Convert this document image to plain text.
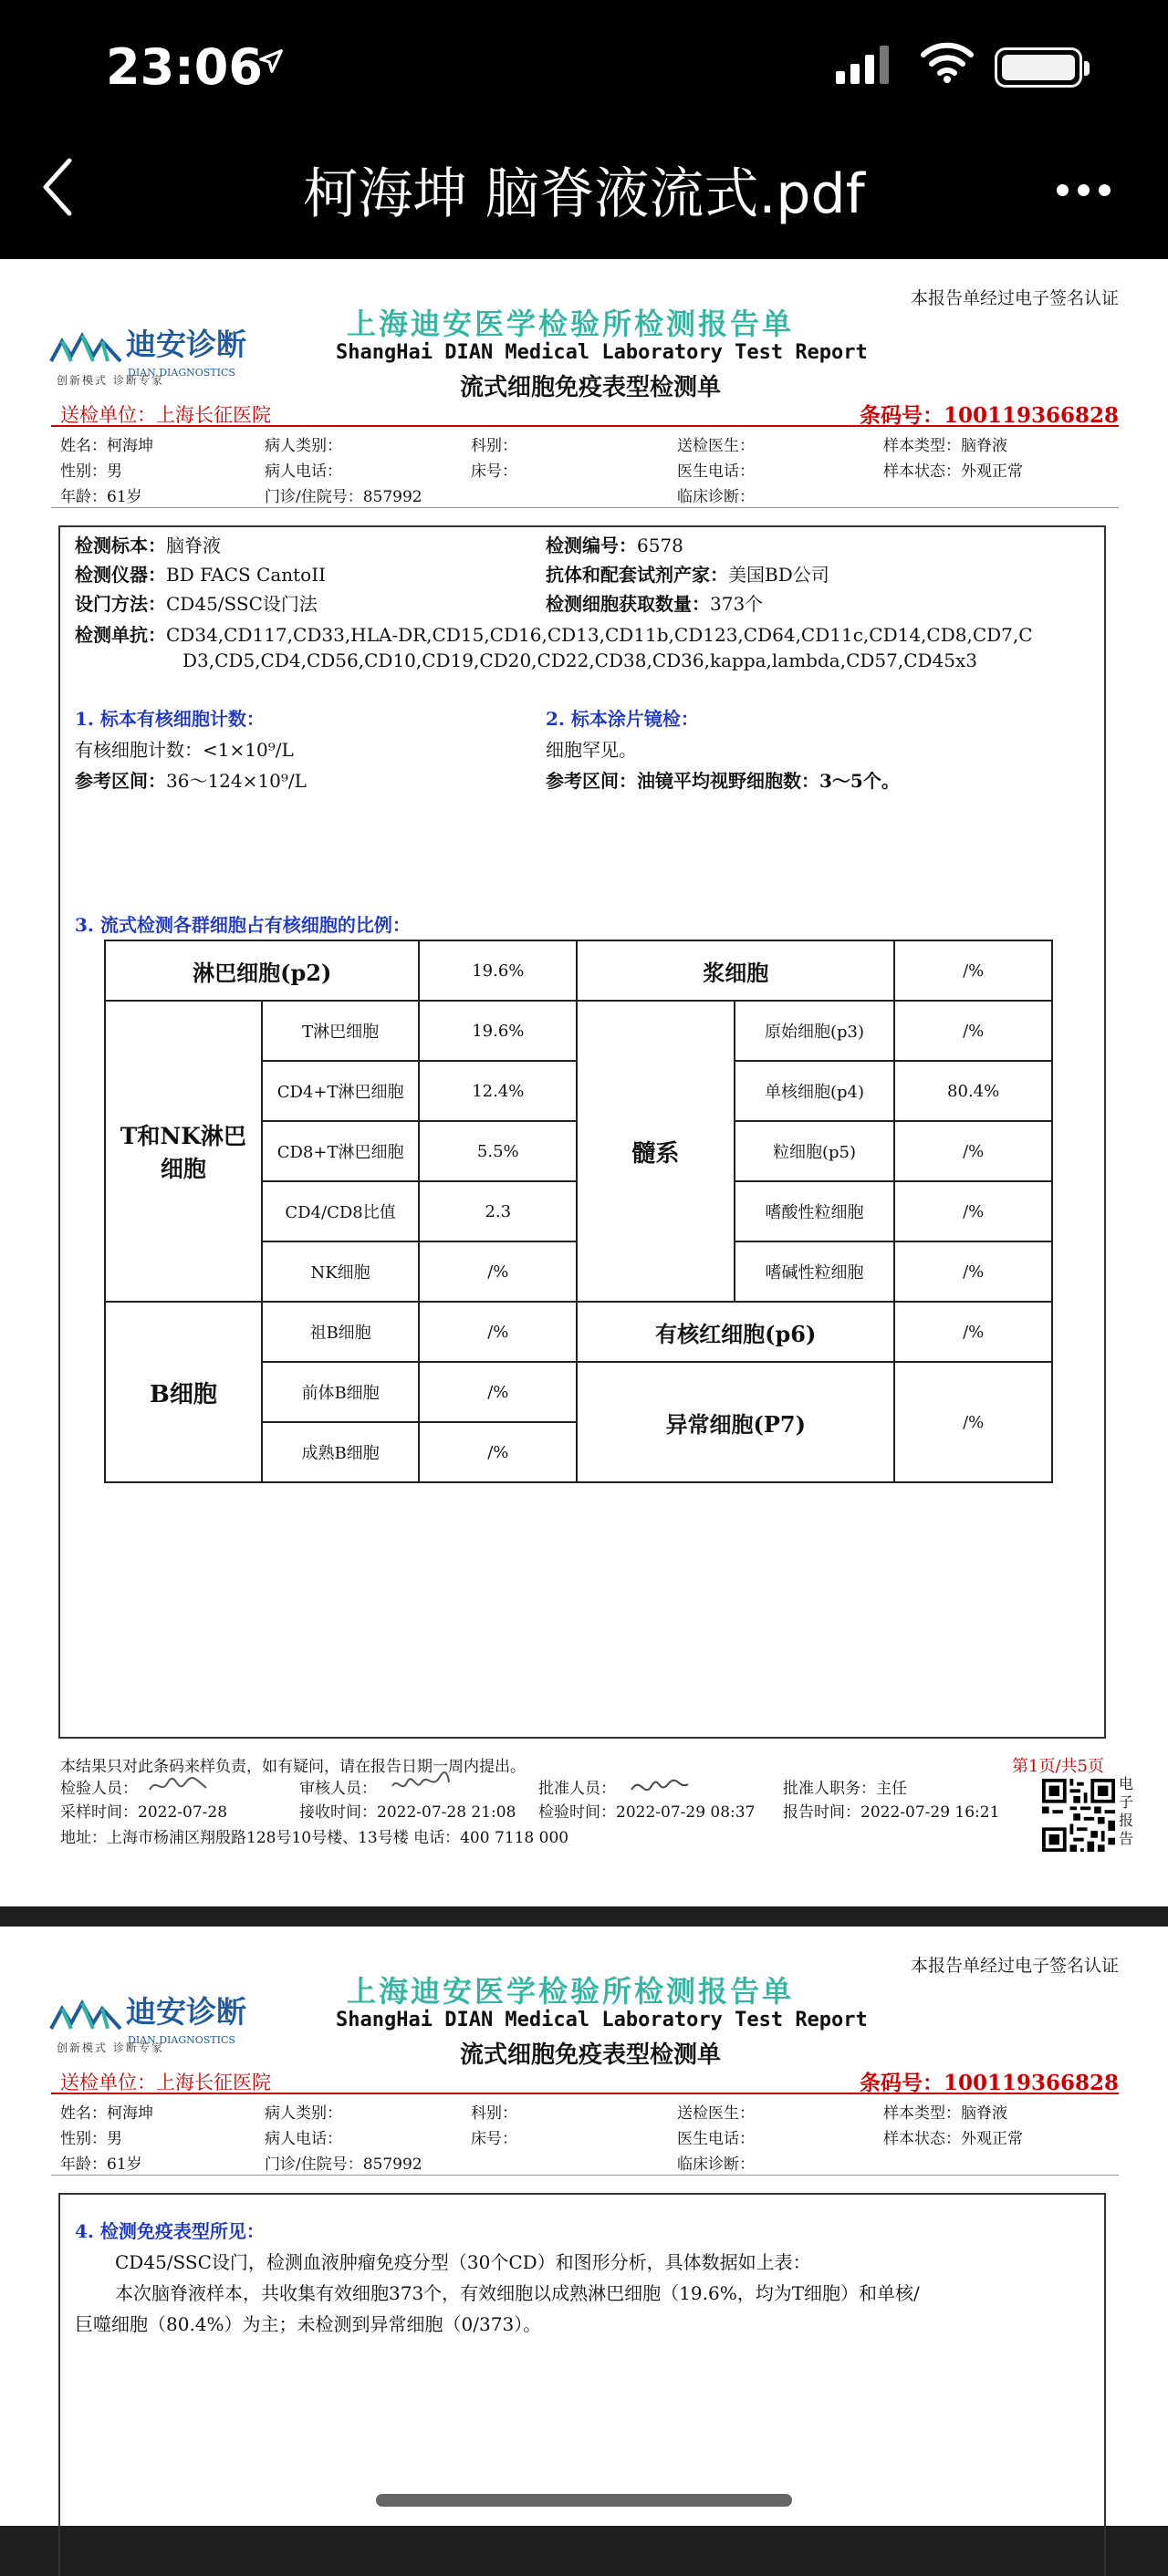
23:06
柯海坤 脑脊液流式.pdf
本报告单经过电子签名认证
迪安诊断
DIAN DIAGNOSTICS
创新模式 诊断专家
上海迪安医学检验所检测报告单
ShangHai DIAN Medical Laboratory Test Report
流式细胞免疫表型检测单
送检单位：上海长征医院	条码号：100119366828
姓名：柯海坤	病人类别：	科别：	送检医生：	样本类型：脑脊液
性别：男	病人电话：	床号：	医生电话：	样本状态：外观正常
年龄：61岁	门诊/住院号：857992	临床诊断：
检测标本：脑脊液	检测编号：6578
检测仪器：BD FACS CantoII	抗体和配套试剂产家：美国BD公司
设门方法：CD45/SSC设门法	检测细胞获取数量：373个
检测单抗：CD34,CD117,CD33,HLA-DR,CD15,CD16,CD13,CD11b,CD123,CD64,CD11c,CD14,CD8,CD7,C
D3,CD5,CD4,CD56,CD10,CD19,CD20,CD22,CD38,CD36,kappa,lambda,CD57,CD45x3
1. 标本有核细胞计数：
有核细胞计数：<1×10⁹/L
参考区间：36～124×10⁹/L
2. 标本涂片镜检：
细胞罕见。
参考区间：油镜平均视野细胞数：3～5个。
3. 流式检测各群细胞占有核细胞的比例：
淋巴细胞(p2)		19.6%	浆细胞		/%
T和NK淋巴细胞	T淋巴细胞	19.6%	髓系	原始细胞(p3)	/%
	CD4+T淋巴细胞	12.4%		单核细胞(p4)	80.4%
	CD8+T淋巴细胞	5.5%		粒细胞(p5)	/%
	CD4/CD8比值	2.3		嗜酸性粒细胞	/%
	NK细胞	/%		嗜碱性粒细胞	/%
B细胞	祖B细胞	/%	有核红细胞(p6)		/%
	前体B细胞	/%	异常细胞(P7)		/%
	成熟B细胞	/%			
本结果只对此条码来样负责，如有疑问，请在报告日期一周内提出。	第1页/共5页
检验人员：	审核人员：	批准人员：	批准人职务：主任
采样时间：2022-07-28	接收时间：2022-07-28 21:08 检验时间：2022-07-29 08:37 报告时间：2022-07-29 16:21
地址：上海市杨浦区翔殷路128号10号楼、13号楼 电话：400 7118 000
电子报告
本报告单经过电子签名认证
迪安诊断
DIAN DIAGNOSTICS
创新模式 诊断专家
上海迪安医学检验所检测报告单
ShangHai DIAN Medical Laboratory Test Report
流式细胞免疫表型检测单
送检单位：上海长征医院	条码号：100119366828
姓名：柯海坤	病人类别：	科别：	送检医生：	样本类型：脑脊液
性别：男	病人电话：	床号：	医生电话：	样本状态：外观正常
年龄：61岁	门诊/住院号：857992	临床诊断：
4. 检测免疫表型所见：
CD45/SSC设门，检测血液肿瘤免疫分型（30个CD）和图形分析，具体数据如上表：
本次脑脊液样本，共收集有效细胞373个，有效细胞以成熟淋巴细胞（19.6%，均为T细胞）和单核/
巨噬细胞（80.4%）为主；未检测到异常细胞（0/373）。
